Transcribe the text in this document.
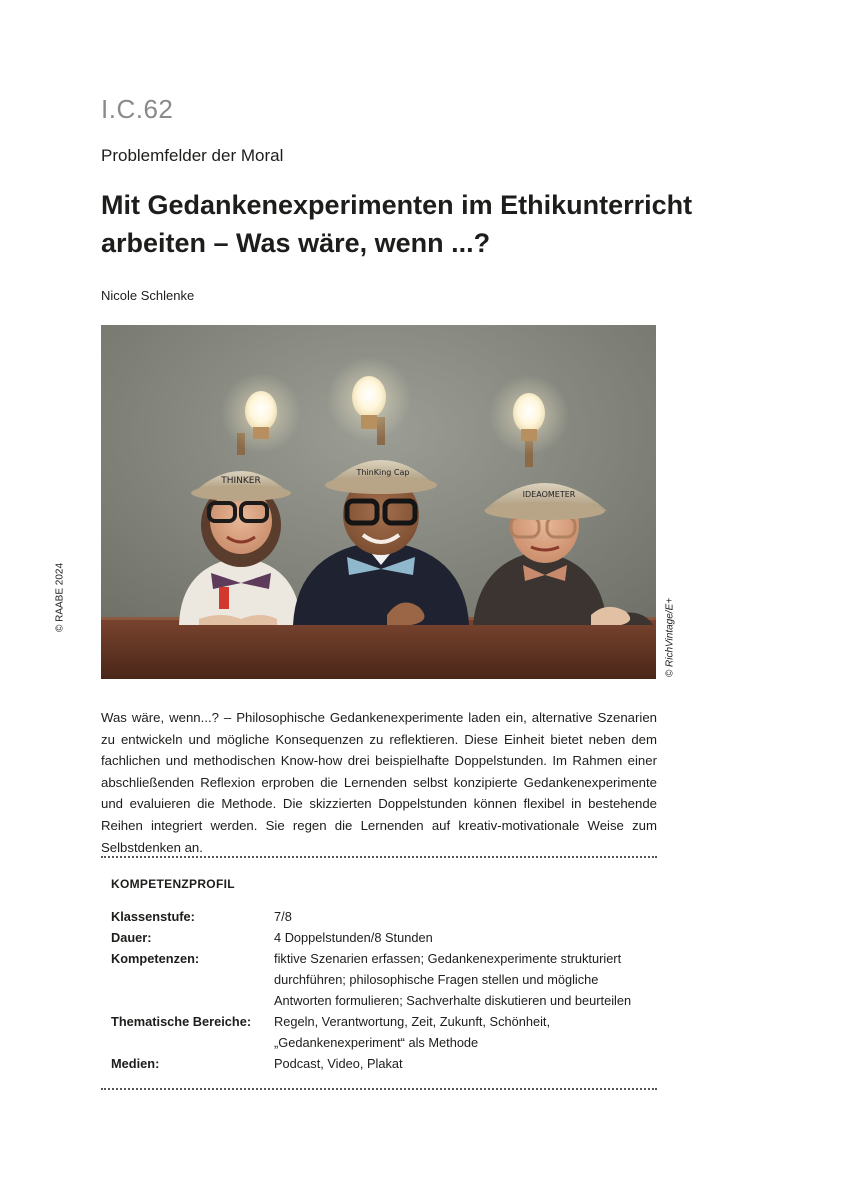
I.C.62
Problemfelder der Moral
Mit Gedankenexperimenten im Ethikunterricht
arbeiten – Was wäre, wenn ...?
Nicole Schlenke
© RAABE 2024
THINKER
ThinKing Cap
IDEAOMETER
© RichVintage/E+
Was wäre, wenn...? – Philosophische Gedankenexperimente laden ein, alternative Szenarien zu entwickeln und mögliche Konsequenzen zu reflektieren. Diese Einheit bietet neben dem fachlichen und methodischen Know-how drei beispielhafte Doppelstunden. Im Rahmen einer abschließenden Reflexion erproben die Lernenden selbst konzipierte Gedankenexperimente und evaluieren die Methode. Die skizzierten Doppelstunden können flexibel in bestehende Reihen integriert werden. Sie regen die Lernenden auf kreativ-motivationale Weise zum Selbstdenken an.
KOMPETENZPROFIL
Klassenstufe:	7/8
Dauer:	4 Doppelstunden/8 Stunden
Kompetenzen:	fiktive Szenarien erfassen; Gedankenexperimente strukturiert durchführen; philosophische Fragen stellen und mögliche Antworten formulieren; Sachverhalte diskutieren und beurteilen
Thematische Bereiche:	Regeln, Verantwortung, Zeit, Zukunft, Schönheit, „Gedankenexperiment“ als Methode
Medien:	Podcast, Video, Plakat
